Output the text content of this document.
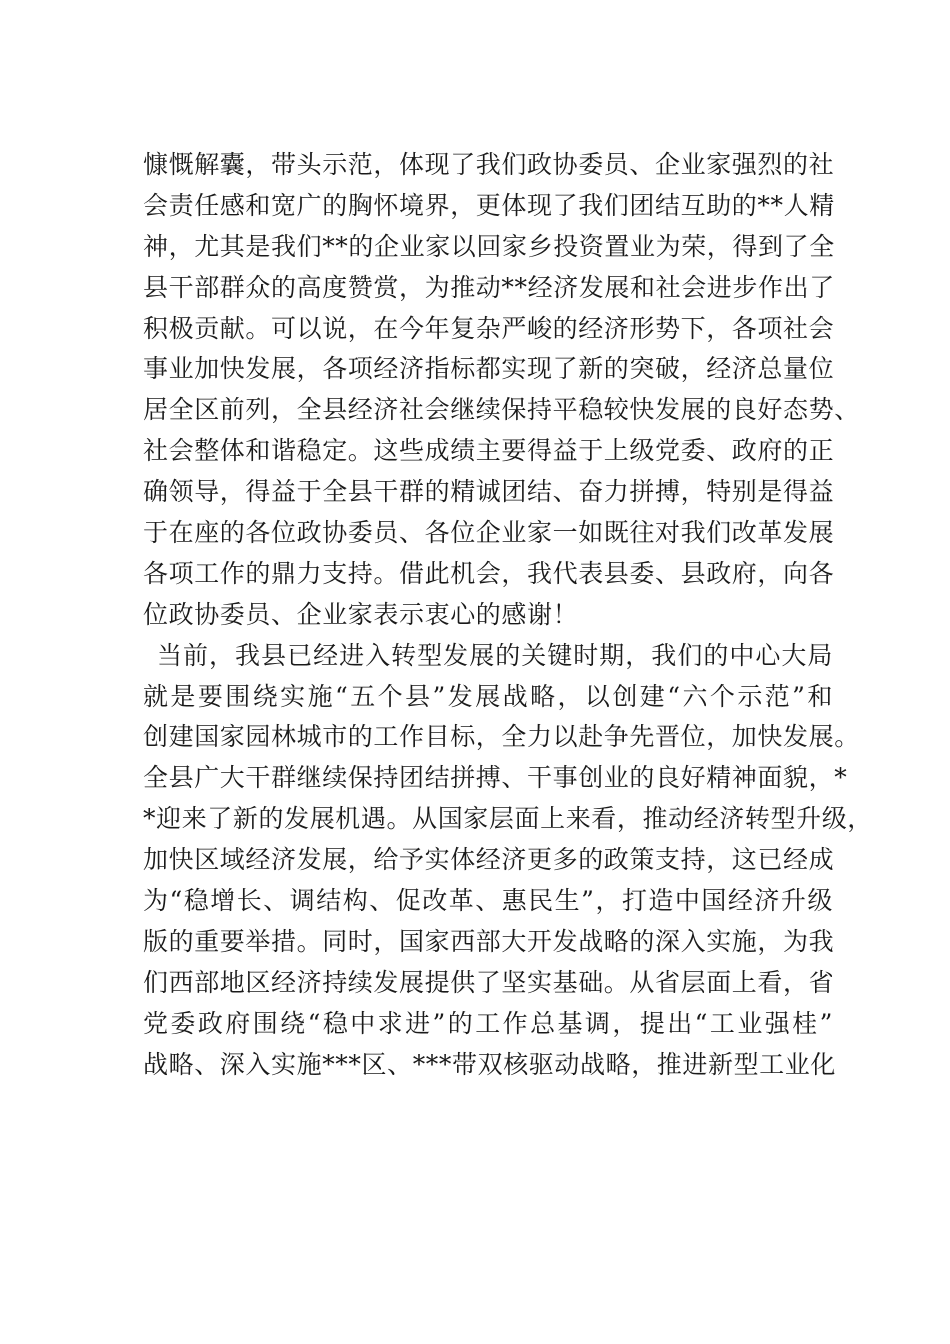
慷慨解囊，带头示范，体现了我们政协委员、企业家强烈的社
会责任感和宽广的胸怀境界，更体现了我们团结互助的**人精
神，尤其是我们**的企业家以回家乡投资置业为荣，得到了全
县干部群众的高度赞赏，为推动**经济发展和社会进步作出了
积极贡献。可以说，在今年复杂严峻的经济形势下，各项社会
事业加快发展，各项经济指标都实现了新的突破，经济总量位
居全区前列，全县经济社会继续保持平稳较快发展的良好态势、
社会整体和谐稳定。这些成绩主要得益于上级党委、政府的正
确领导，得益于全县干群的精诚团结、奋力拼搏，特别是得益
于在座的各位政协委员、各位企业家一如既往对我们改革发展
各项工作的鼎力支持。借此机会，我代表县委、县政府，向各
位政协委员、企业家表示衷心的感谢！
当前，我县已经进入转型发展的关键时期，我们的中心大局
就是要围绕实施“五个县”发展战略，以创建“六个示范”和
创建国家园林城市的工作目标，全力以赴争先晋位，加快发展。
全县广大干群继续保持团结拼搏、干事创业的良好精神面貌，*
*迎来了新的发展机遇。从国家层面上来看，推动经济转型升级，
加快区域经济发展，给予实体经济更多的政策支持，这已经成
为“稳增长、调结构、促改革、惠民生”，打造中国经济升级
版的重要举措。同时，国家西部大开发战略的深入实施，为我
们西部地区经济持续发展提供了坚实基础。从省层面上看，省
党委政府围绕“稳中求进”的工作总基调，提出“工业强桂”
战略、深入实施***区、***带双核驱动战略，推进新型工业化
